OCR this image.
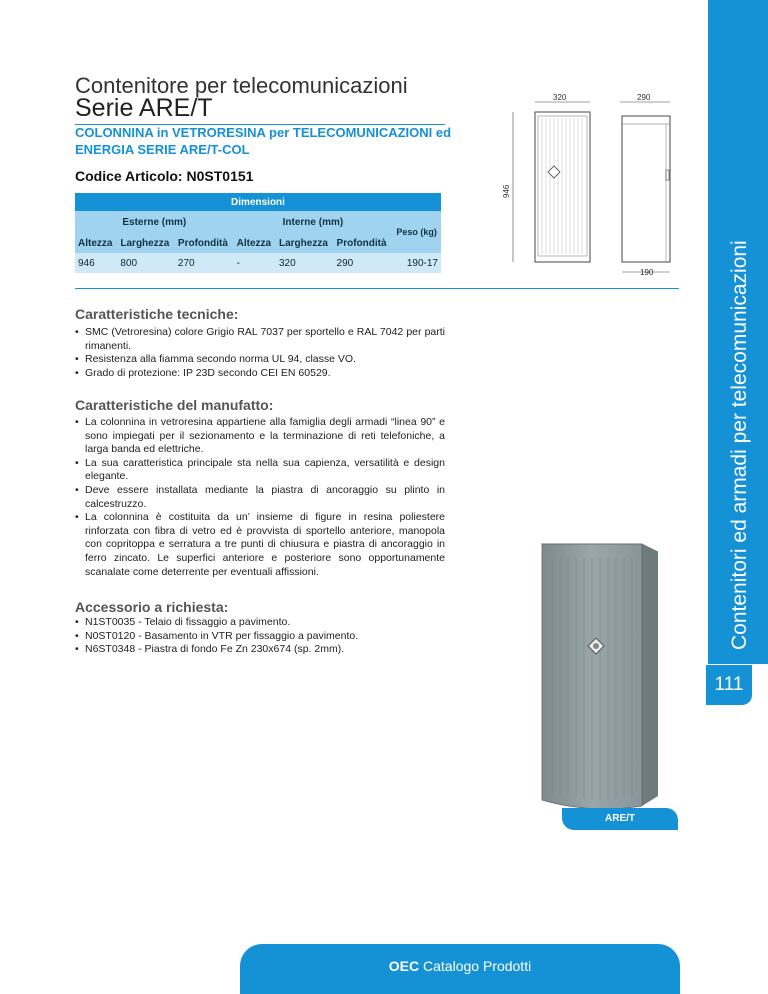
Contenitore per telecomunicazioni
Serie ARE/T
COLONNINA in VETRORESINA per TELECOMUNICAZIONI ed ENERGIA SERIE ARE/T-COL
Codice Articolo: N0ST0151
Dimensioni						
Esterne (mm)			Interne (mm)			Peso (kg)
Altezza	Larghezza	Profondità	Altezza	Larghezza	Profondità	
946	800	270	-	320	290	190-17
320	290
946
190
Caratteristiche tecniche:
• SMC (Vetroresina) colore Grigio RAL 7037 per sportello e RAL 7042 per parti rimanenti.
• Resistenza alla fiamma secondo norma UL 94, classe VO.
• Grado di protezione: IP 23D secondo CEI EN 60529.
Caratteristiche del manufatto:
• La colonnina in vetroresina appartiene alla famiglia degli armadi “linea 90” e sono impiegati per il sezionamento e la terminazione di reti telefoniche, a larga banda ed elettriche.
• La sua caratteristica principale sta nella sua capienza, versatilità e design elegante.
• Deve essere installata mediante la piastra di ancoraggio su plinto in calcestruzzo.
• La colonnina è costituita da un’ insieme di figure in resina poliestere rinforzata con fibra di vetro ed è provvista di sportello anteriore, manopola con copritoppa e serratura a tre punti di chiusura e piastra di ancoraggio in ferro zincato. Le superfici anteriore e posteriore sono opportunamente scanalate come deterrente per eventuali affissioni.
Accessorio a richiesta:
• N1ST0035 - Telaio di fissaggio a pavimento.
• N0ST0120 - Basamento in VTR per fissaggio a pavimento.
• N6ST0348 - Piastra di fondo Fe Zn 230x674 (sp. 2mm).	Contenitori ed armadi per telecomunicazioni
111
ARE/T
OEC Catalogo Prodotti
